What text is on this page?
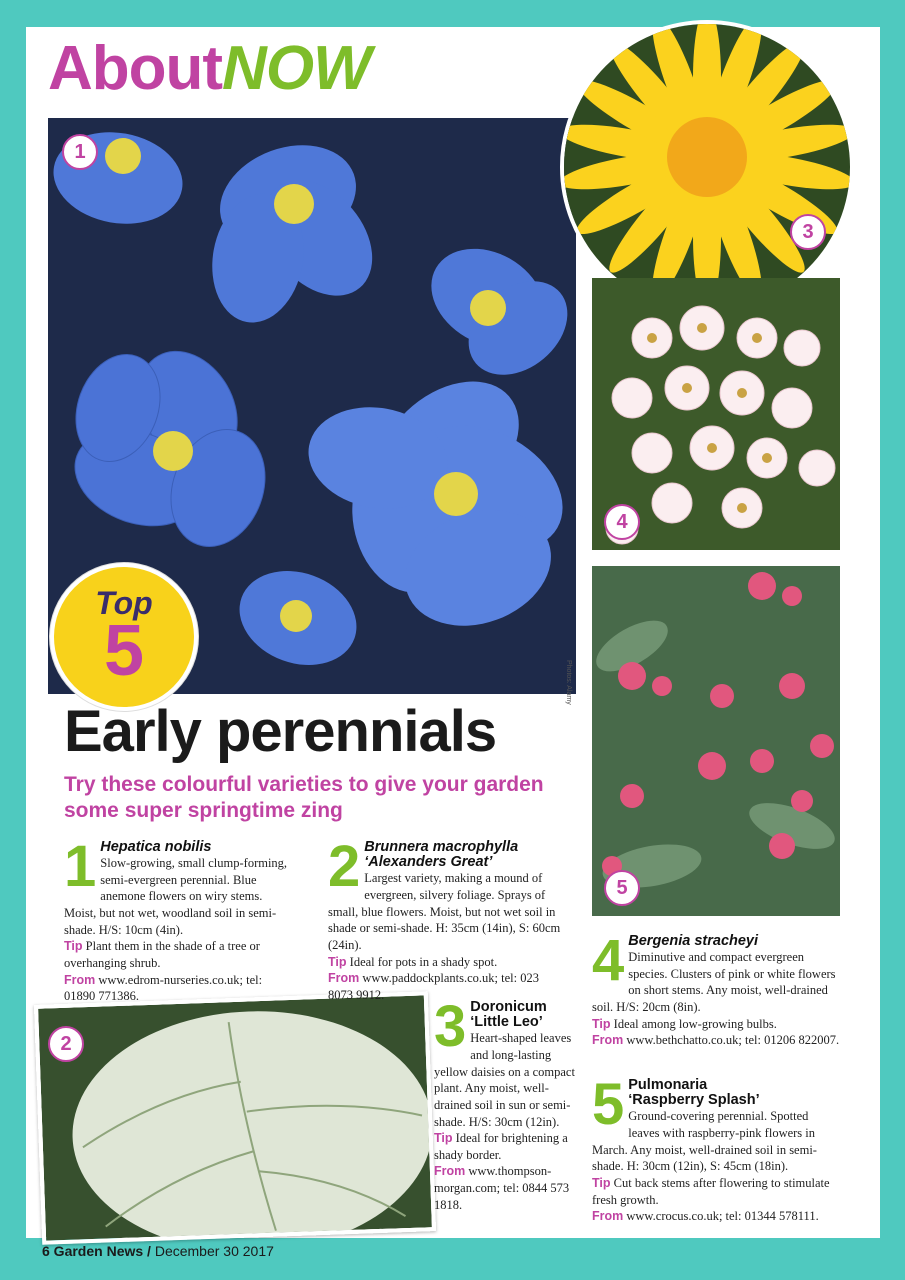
AboutNOW
1
Photos: Alamy
3
4
5
2
Top
5
Early perennials
Try these colourful varieties to give your garden some super springtime zing
1 Hepatica nobilis
Slow-growing, small clump-forming, semi-evergreen perennial. Blue anemone flowers on wiry stems. Moist, but not wet, woodland soil in semi-shade. H/S: 10cm (4in).
Tip Plant them in the shade of a tree or overhanging shrub.
From www.edrom-nurseries.co.uk; tel: 01890 771386.
2 Brunnera macrophylla
‘Alexanders Great’
Largest variety, making a mound of evergreen, silvery foliage. Sprays of small, blue flowers. Moist, but not wet soil in shade or semi-shade. H: 35cm (14in), S: 60cm (24in).
Tip Ideal for pots in a shady spot.
From www.paddockplants.co.uk; tel: 023 8073 9912. 3 Doronicum
‘Little Leo’
Heart-shaped leaves and long-lasting yellow daisies on a compact plant. Any moist, well-drained soil in sun or semi-shade. H/S: 30cm (12in).
Tip Ideal for brightening a shady border.
From www.thompson-morgan.com; tel: 0844 573 1818.
4 Bergenia stracheyi
Diminutive and compact evergreen species. Clusters of pink or white flowers on short stems. Any moist, well-drained soil. H/S: 20cm (8in).
Tip Ideal among low-growing bulbs.
From www.bethchatto.co.uk; tel: 01206 822007.
5 Pulmonaria
‘Raspberry Splash’
Ground-covering perennial. Spotted leaves with raspberry-pink flowers in March. Any moist, well-drained soil in semi-shade. H: 30cm (12in), S: 45cm (18in).
Tip Cut back stems after flowering to stimulate fresh growth.
From www.crocus.co.uk; tel: 01344 578111.
6 Garden News / December 30 2017
